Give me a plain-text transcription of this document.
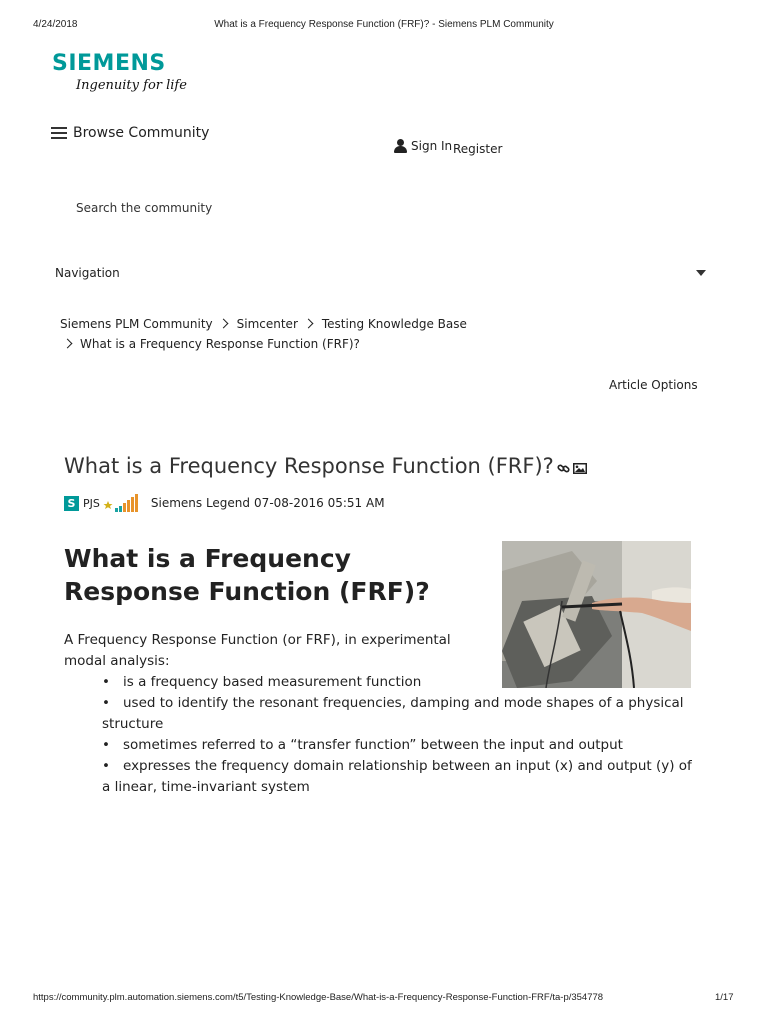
4/24/2018	What is a Frequency Response Function (FRF)? - Siemens PLM Community
SIEMENS
Ingenuity for life
Browse Community
Sign In Register
Search the community
Navigation
Siemens PLM Community Simcenter Testing Knowledge Base
What is a Frequency Response Function (FRF)?
Article Options
What is a Frequency Response Function (FRF)?
S PJS	Siemens Legend 07-08-2016 05:51 AM
What is a Frequency Response Function (FRF)?

A Frequency Response Function (or FRF), in experimental modal analysis:

• is a frequency based measurement function
• used to identify the resonant frequencies, damping and mode shapes of a physical structure
• sometimes referred to a “transfer function” between the input and output
• expresses the frequency domain relationship between an input (x) and output (y) of a linear, time-invariant system
https://community.plm.automation.siemens.com/t5/Testing-Knowledge-Base/What-is-a-Frequency-Response-Function-FRF/ta-p/354778	1/17
